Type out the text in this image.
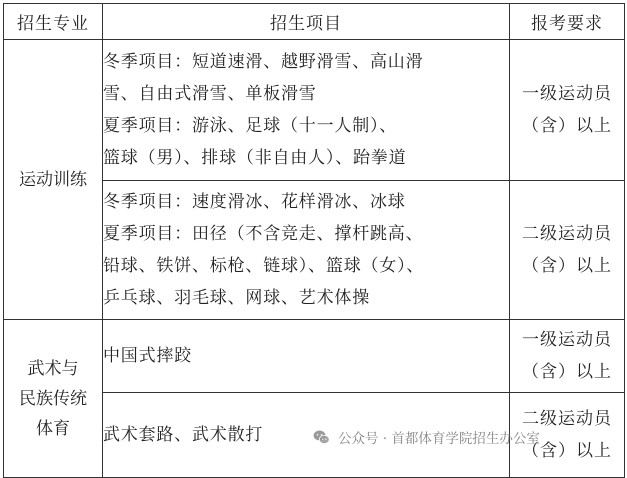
招生专业	招生项目	报考要求

运动训练	冬季项目：短道速滑、越野滑雪、高山滑
雪、自由式滑雪、单板滑雪
夏季项目：游泳、足球（十一人制）、
篮球（男）、排球（非自由人）、跆拳道	一级运动员
（含）以上

	冬季项目：速度滑冰、花样滑冰、冰球
夏季项目：田径（不含竞走、撑杆跳高、
铅球、铁饼、标枪、链球）、篮球（女）、
乒乓球、羽毛球、网球、艺术体操	二级运动员
（含）以上

武术与
民族传统
体育	中国式摔跤	一级运动员
（含）以上

	武术套路、武术散打	二级运动员
（含）以上
公众号 · 首都体育学院招生办公室
